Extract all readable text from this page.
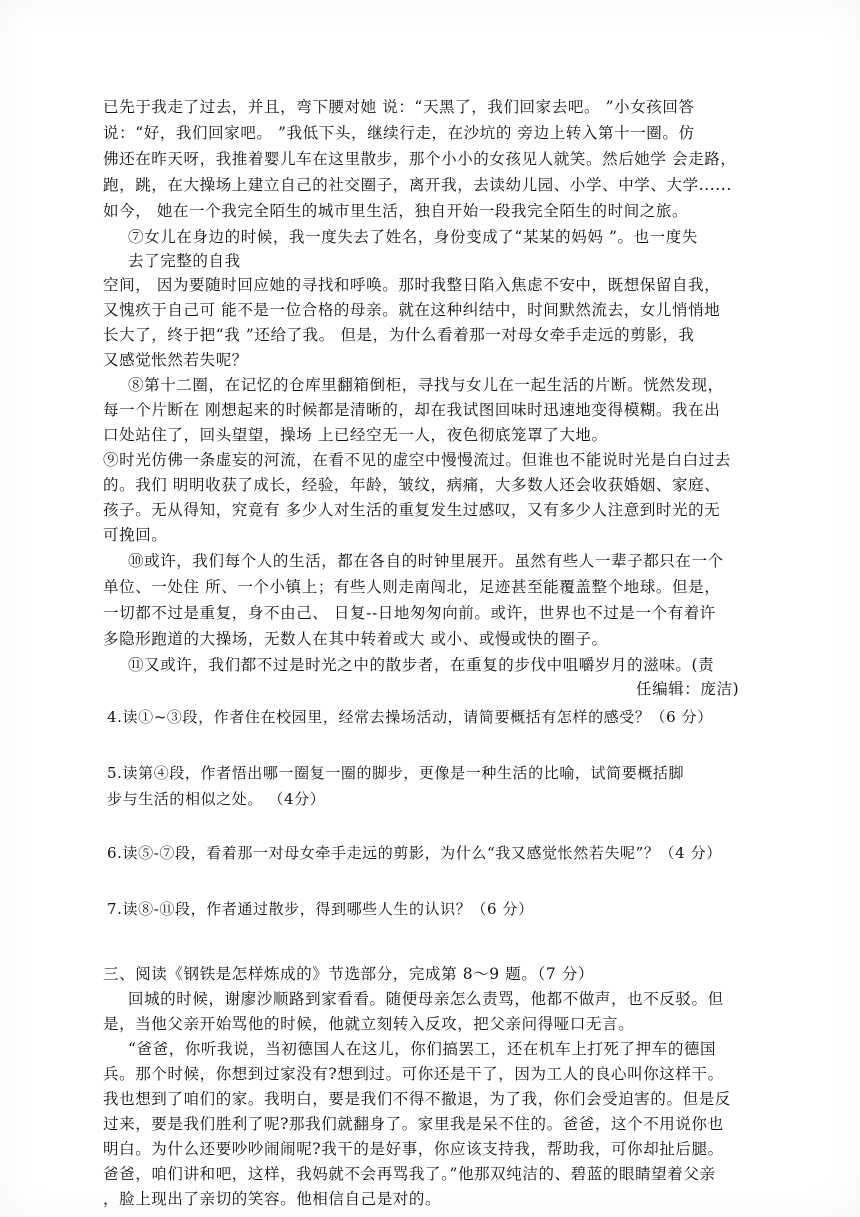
已先于我走了过去，并且，弯下腰对她 说：“天黑了，我们回家去吧。 ”小女孩回答
说：“好，我们回家吧。 ”我低下头，继续行走，在沙坑的 旁边上转入第十一圈。仿
佛还在昨天呀，我推着婴儿车在这里散步，那个小小的女孩见人就笑。然后她学 会走路，
跑，跳，在大操场上建立自己的社交圈子，离开我，去读幼儿园、小学、中学、大学......
如今， 她在一个我完全陌生的城市里生活，独自开始一段我完全陌生的时间之旅。
⑦女儿在身边的时候，我一度失去了姓名，身份变成了“某某的妈妈 ”。也一度失
去了完整的自我
空间， 因为要随时回应她的寻找和呼唤。那时我整日陷入焦虑不安中，既想保留自我，
又愧疚于自己可 能不是一位合格的母亲。就在这种纠结中，时间默然流去，女儿悄悄地
长大了，终于把“我 ”还给了我。 但是，为什么看着那一对母女牵手走远的剪影，我
又感觉怅然若失呢？
⑧第十二圈，在记忆的仓库里翻箱倒柜，寻找与女儿在一起生活的片断。恍然发现，
每一个片断在 刚想起来的时候都是清晰的，却在我试图回味时迅速地变得模糊。我在出
口处站住了，回头望望，操场 上已经空无一人，夜色彻底笼罩了大地。
⑨时光仿佛一条虚妄的河流，在看不见的虚空中慢慢流过。但谁也不能说时光是白白过去
的。我们 明明收获了成长，经验，年龄，皱纹，病痛，大多数人还会收获婚姻、家庭、
孩子。无从得知，究竟有 多少人对生活的重复发生过感叹，又有多少人注意到时光的无
可挽回。
⑩或许，我们每个人的生活，都在各自的时钟里展开。虽然有些人一辈子都只在一个
单位、一处住 所、一个小镇上；有些人则走南闯北，足迹甚至能覆盖整个地球。但是，
一切都不过是重复，身不由己、 日复--日地匆匆向前。或许，世界也不过是一个有着许
多隐形跑道的大操场，无数人在其中转着或大 或小、或慢或快的圈子。
⑪又或许，我们都不过是时光之中的散步者，在重复的步伐中咀嚼岁月的滋味。(责
任编辑：庞洁)
4.读①~③段，作者住在校园里，经常去操场活动，请简要概括有怎样的感受？（6 分）
5.读第④段，作者悟出哪一圈复一圈的脚步，更像是一种生活的比喻，试简要概括脚
步与生活的相似之处。 （4分）
6.读⑤-⑦段，看着那一对母女牵手走远的剪影，为什么“我又感觉怅然若失呢”？（4 分）
7.读⑧-⑪段，作者通过散步，得到哪些人生的认识？（6 分）
三、阅读《钢铁是怎样炼成的》节选部分，完成第 8～9 题。（7 分）
回城的时候，谢廖沙顺路到家看看。随便母亲怎么责骂，他都不做声，也不反驳。但
是，当他父亲开始骂他的时候，他就立刻转入反攻，把父亲问得哑口无言。
“爸爸，你听我说，当初德国人在这儿，你们搞罢工，还在机车上打死了押车的德国
兵。那个时候，你想到过家没有?想到过。可你还是干了，因为工人的良心叫你这样干。
我也想到了咱们的家。我明白，要是我们不得不撤退，为了我，你们会受迫害的。但是反
过来，要是我们胜利了呢?那我们就翻身了。家里我是呆不住的。爸爸，这个不用说你也
明白。为什么还要吵吵闹闹呢?我干的是好事，你应该支持我，帮助我，可你却扯后腿。
爸爸，咱们讲和吧，这样，我妈就不会再骂我了。”他那双纯洁的、碧蓝的眼睛望着父亲
，脸上现出了亲切的笑容。他相信自己是对的。
